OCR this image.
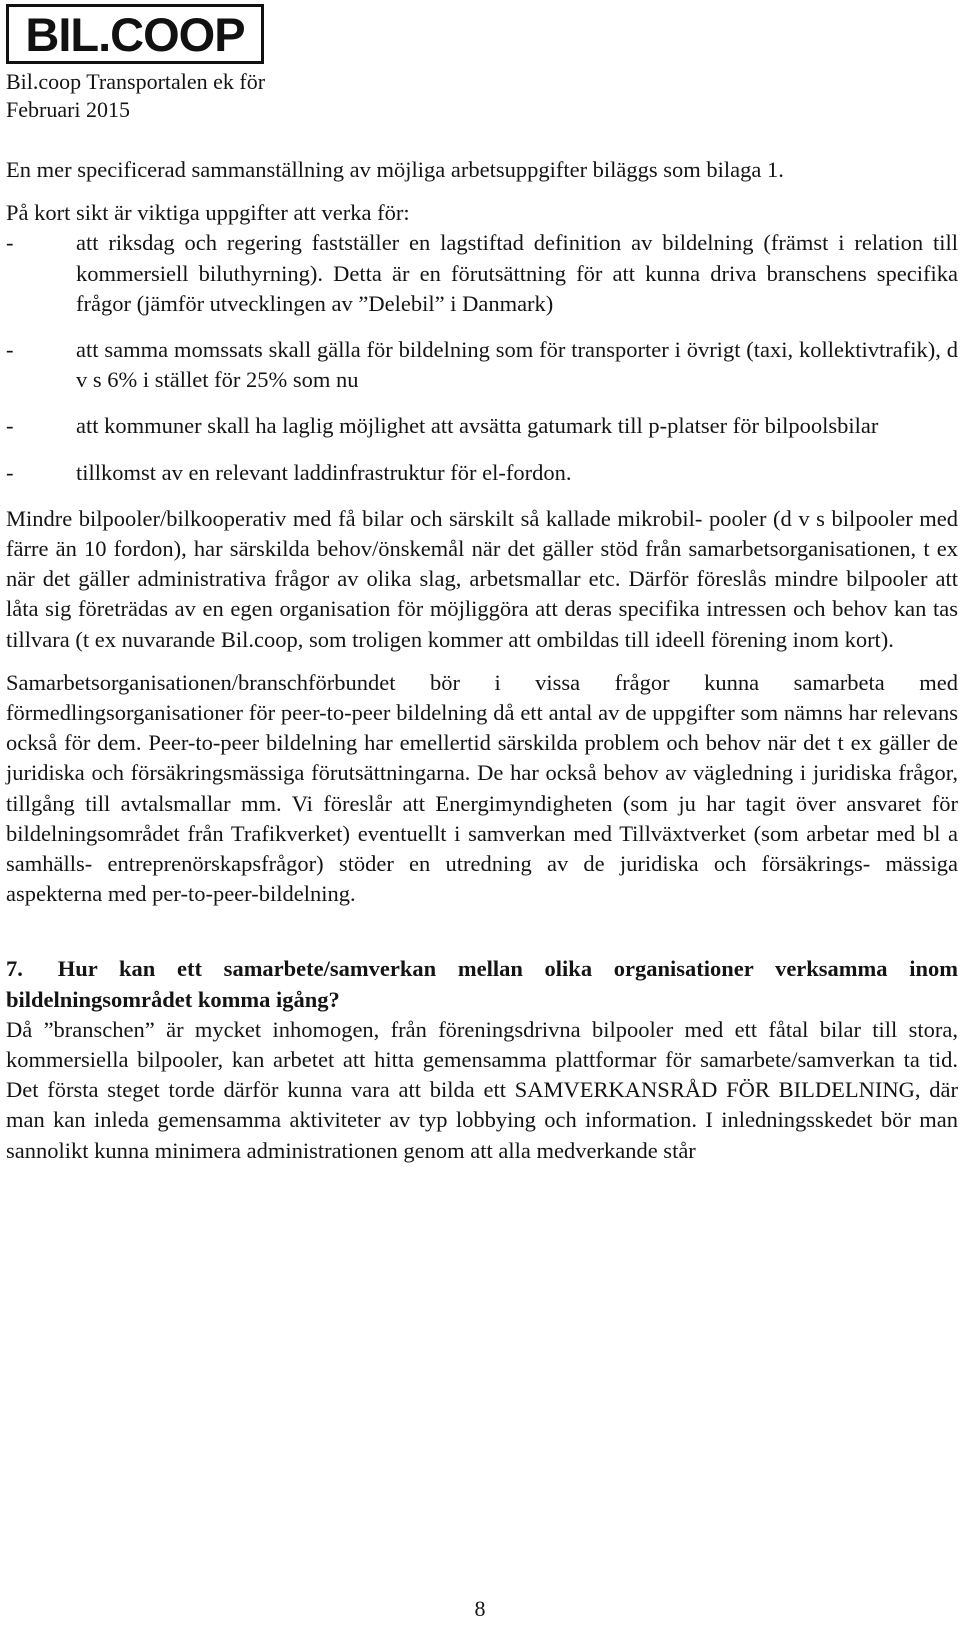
BIL.COOP
Bil.coop Transportalen ek för
Februari 2015

En mer specificerad sammanställning av möjliga arbetsuppgifter biläggs som bilaga 1.

På kort sikt är viktiga uppgifter att verka för:

-	att riksdag och regering fastställer en lagstiftad definition av bildelning (främst i relation till kommersiell biluthyrning). Detta är en förutsättning för att kunna driva branschens specifika frågor (jämför utvecklingen av ”Delebil” i Danmark)
-	att samma momssats skall gälla för bildelning som för transporter i övrigt (taxi, kollektivtrafik), d v s 6% i stället för 25% som nu
-	att kommuner skall ha laglig möjlighet att avsätta gatumark till p-platser för bilpoolsbilar
-	tillkomst av en relevant laddinfrastruktur för el-fordon.

Mindre bilpooler/bilkooperativ med få bilar och särskilt så kallade mikrobil- pooler (d v s bilpooler med färre än 10 fordon), har särskilda behov/önskemål när det gäller stöd från samarbetsorganisationen, t ex när det gäller administrativa frågor av olika slag, arbetsmallar etc. Därför föreslås mindre bilpooler att låta sig företrädas av en egen organisation för möjliggöra att deras specifika intressen och behov kan tas tillvara (t ex nuvarande Bil.coop, som troligen kommer att ombildas till ideell förening inom kort).

Samarbetsorganisationen/branschförbundet bör i vissa frågor kunna samarbeta med förmedlingsorganisationer för peer-to-peer bildelning då ett antal av de uppgifter som nämns har relevans också för dem. Peer-to-peer bildelning har emellertid särskilda problem och behov när det t ex gäller de juridiska och försäkringsmässiga förutsättningarna. De har också behov av vägledning i juridiska frågor, tillgång till avtalsmallar mm. Vi föreslår att Energimyndigheten (som ju har tagit över ansvaret för bildelningsområdet från Trafikverket) eventuellt i samverkan med Tillväxtverket (som arbetar med bl a samhälls- entreprenörskapsfrågor) stöder en utredning av de juridiska och försäkrings- mässiga aspekterna med per-to-peer-bildelning.

7. Hur kan ett samarbete/samverkan mellan olika organisationer verksamma inom bildelningsområdet komma igång?

Då ”branschen” är mycket inhomogen, från föreningsdrivna bilpooler med ett fåtal bilar till stora, kommersiella bilpooler, kan arbetet att hitta gemensamma plattformar för samarbete/samverkan ta tid. Det första steget torde därför kunna vara att bilda ett SAMVERKANSRÅD FÖR BILDELNING, där man kan inleda gemensamma aktiviteter av typ lobbying och information. I inledningsskedet bör man sannolikt kunna minimera administrationen genom att alla medverkande står

8
